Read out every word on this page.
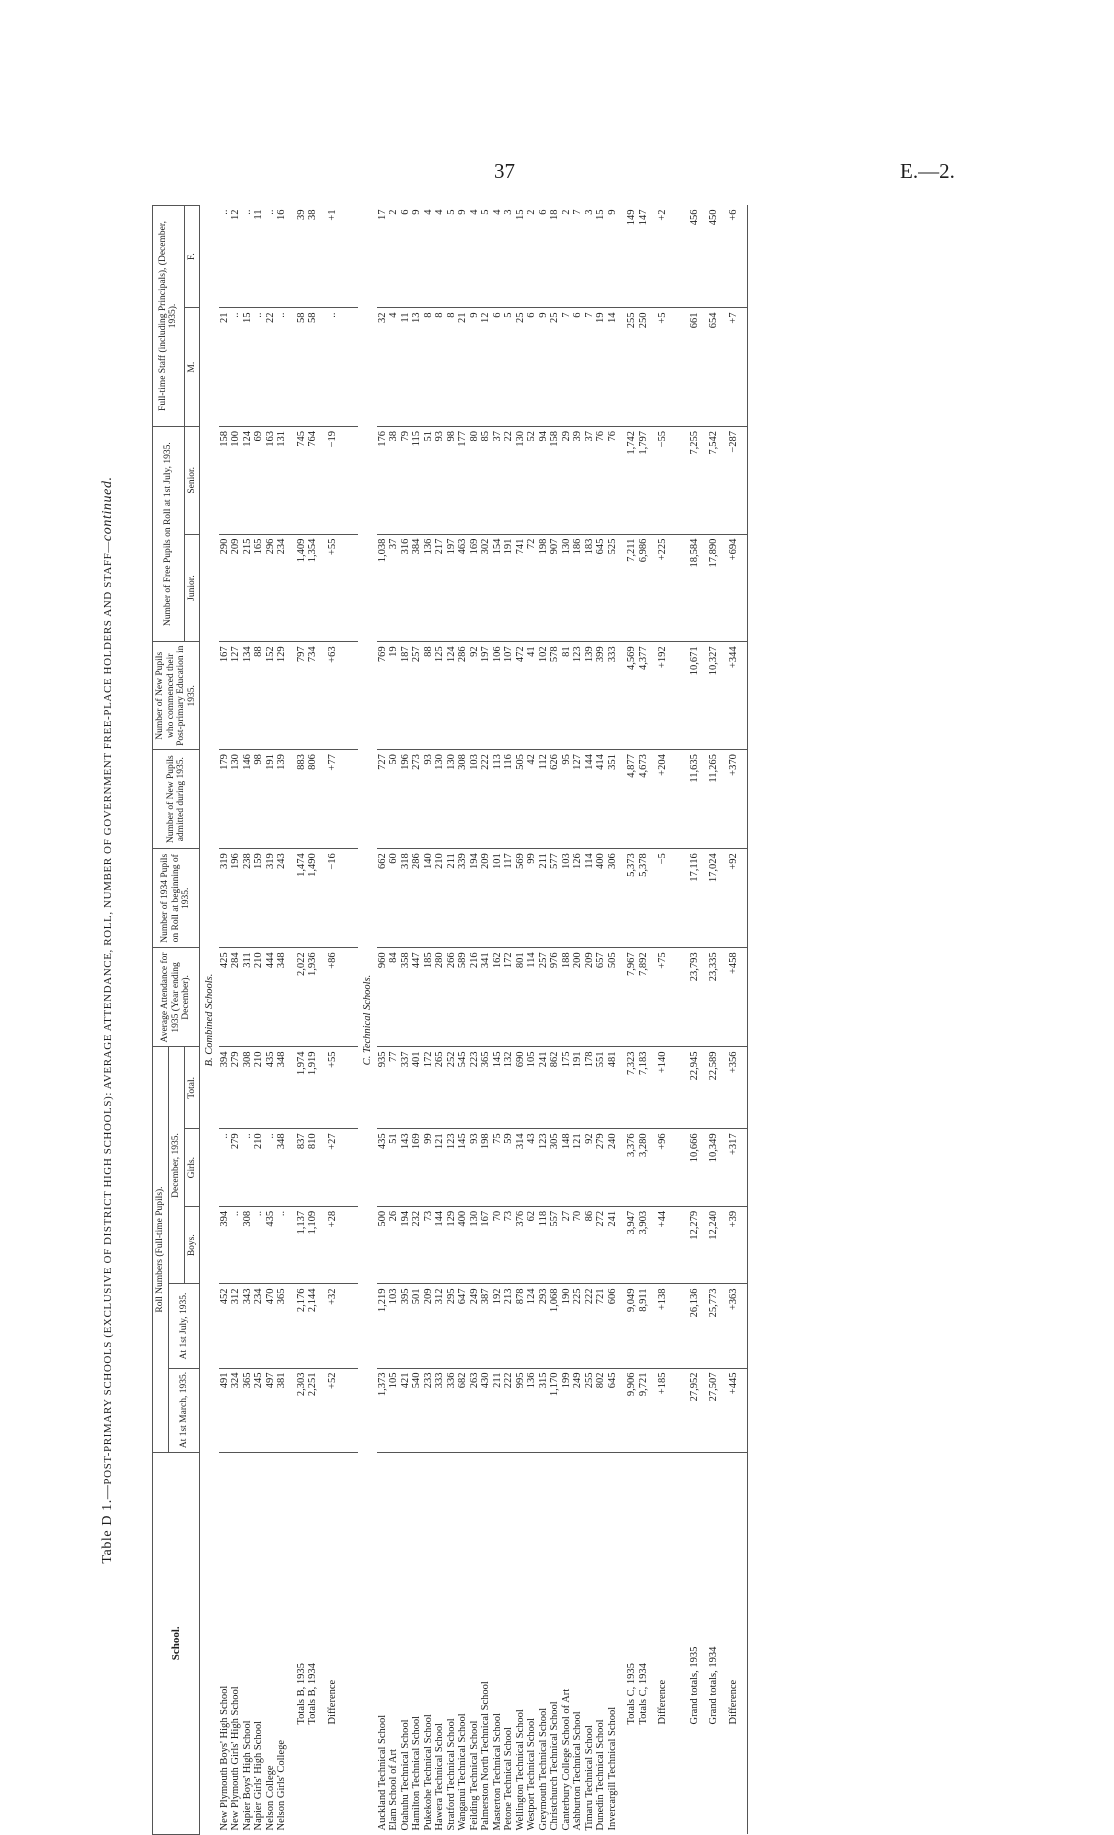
37	E.—2.
Table D 1.—POST-PRIMARY SCHOOLS (EXCLUSIVE OF DISTRICT HIGH SCHOOLS): AVERAGE ATTENDANCE, ROLL, NUMBER OF GOVERNMENT FREE-PLACE HOLDERS AND STAFF—continued.
School.	Roll Numbers (Full-time Pupils).					Average Attendance for 1935 (Year ending December).	Number of 1934 Pupils on Roll at beginning of 1935.	Number of New Pupils admitted during 1935.	Number of New Pupils who commenced their Post-primary Education in 1935.	Number of Free Pupils on Roll at 1st July, 1935.		Full-time Staff (including Principals), (December, 1935).	
	At 1st March, 1935.	At 1st July, 1935.	December, 1935.										
			Boys.	Girls.	Total.					Junior.	Senior.	M.	F.
B. Combined Schools.													
New Plymouth Boys' High School	491	452	394	..	394	425	319	179	167	290	158	21	..
New Plymouth Girls' High School	324	312	..	279	279	284	196	130	127	209	100	..	12
Napier Boys' High School	365	343	308	..	308	311	238	146	134	215	124	15	..
Napier Girls' High School	245	234	..	210	210	210	159	98	88	165	69	..	11
Nelson College	497	470	435	..	435	444	319	191	152	296	163	22	..
Nelson Girls' College	381	365	..	348	348	348	243	139	129	234	131	..	16

Totals B, 1935	2,303	2,176	1,137	837	1,974	2,022	1,474	883	797	1,409	745	58	39
Totals B, 1934	2,251	2,144	1,109	810	1,919	1,936	1,490	806	734	1,354	764	58	38

Difference	+52	+32	+28	+27	+55	+86	−16	+77	+63	+55	−19	..	+1

C. Technical Schools.													
Auckland Technical School	1,373	1,219	500	435	935	960	662	727	769	1,038	176	32	17
Elam School of Art	105	103	26	51	77	84	60	50	19	37	38	4	2
Otahuhu Technical School	421	395	194	143	337	358	318	196	187	316	79	11	6
Hamilton Technical School	540	501	232	169	401	447	286	273	257	384	115	13	9
Pukekohe Technical School	233	209	73	99	172	185	140	93	88	136	51	8	4
Hawera Technical School	333	312	144	121	265	280	210	130	125	217	93	8	4
Stratford Technical School	336	295	129	123	252	266	211	130	124	197	98	8	5
Wanganui Technical School	682	647	400	145	545	589	339	308	286	463	177	21	9
Feilding Technical School	263	249	130	93	223	216	194	103	92	169	80	9	4
Palmerston North Technical School	430	387	167	198	365	341	209	222	197	302	85	12	5
Masterton Technical School	211	192	70	75	145	162	101	113	106	154	37	6	4
Petone Technical School	222	213	73	59	132	172	117	116	107	191	22	5	3
Wellington Technical School	995	878	376	314	690	801	569	505	472	741	130	25	15
Westport Technical School	136	124	62	43	105	114	99	42	41	72	52	6	2
Greymouth Technical School	315	293	118	123	241	257	211	112	102	198	94	9	6
Christchurch Technical School	1,170	1,068	557	305	862	976	577	626	578	907	158	25	18
Canterbury College School of Art	199	190	27	148	175	188	103	95	81	130	29	7	2
Ashburton Technical School	249	225	70	121	191	200	126	127	123	186	39	6	7
Timaru Technical School	255	222	86	92	178	209	114	144	139	183	37	7	3
Dunedin Technical School	802	721	272	279	551	657	400	414	399	645	76	19	15
Invercargill Technical School	645	606	241	240	481	505	306	351	333	525	76	14	9

Totals C, 1935	9,906	9,049	3,947	3,376	7,323	7,967	5,373	4,877	4,569	7,211	1,742	255	149
Totals C, 1934	9,721	8,911	3,903	3,280	7,183	7,892	5,378	4,673	4,377	6,986	1,797	250	147

Difference	+185	+138	+44	+96	+140	+75	−5	+204	+192	+225	−55	+5	+2

Grand totals, 1935	27,952	26,136	12,279	10,666	22,945	23,793	17,116	11,635	10,671	18,584	7,255	661	456

Grand totals, 1934	27,507	25,773	12,240	10,349	22,589	23,335	17,024	11,265	10,327	17,890	7,542	654	450

Difference	+445	+363	+39	+317	+356	+458	+92	+370	+344	+694	−287	+7	+6
